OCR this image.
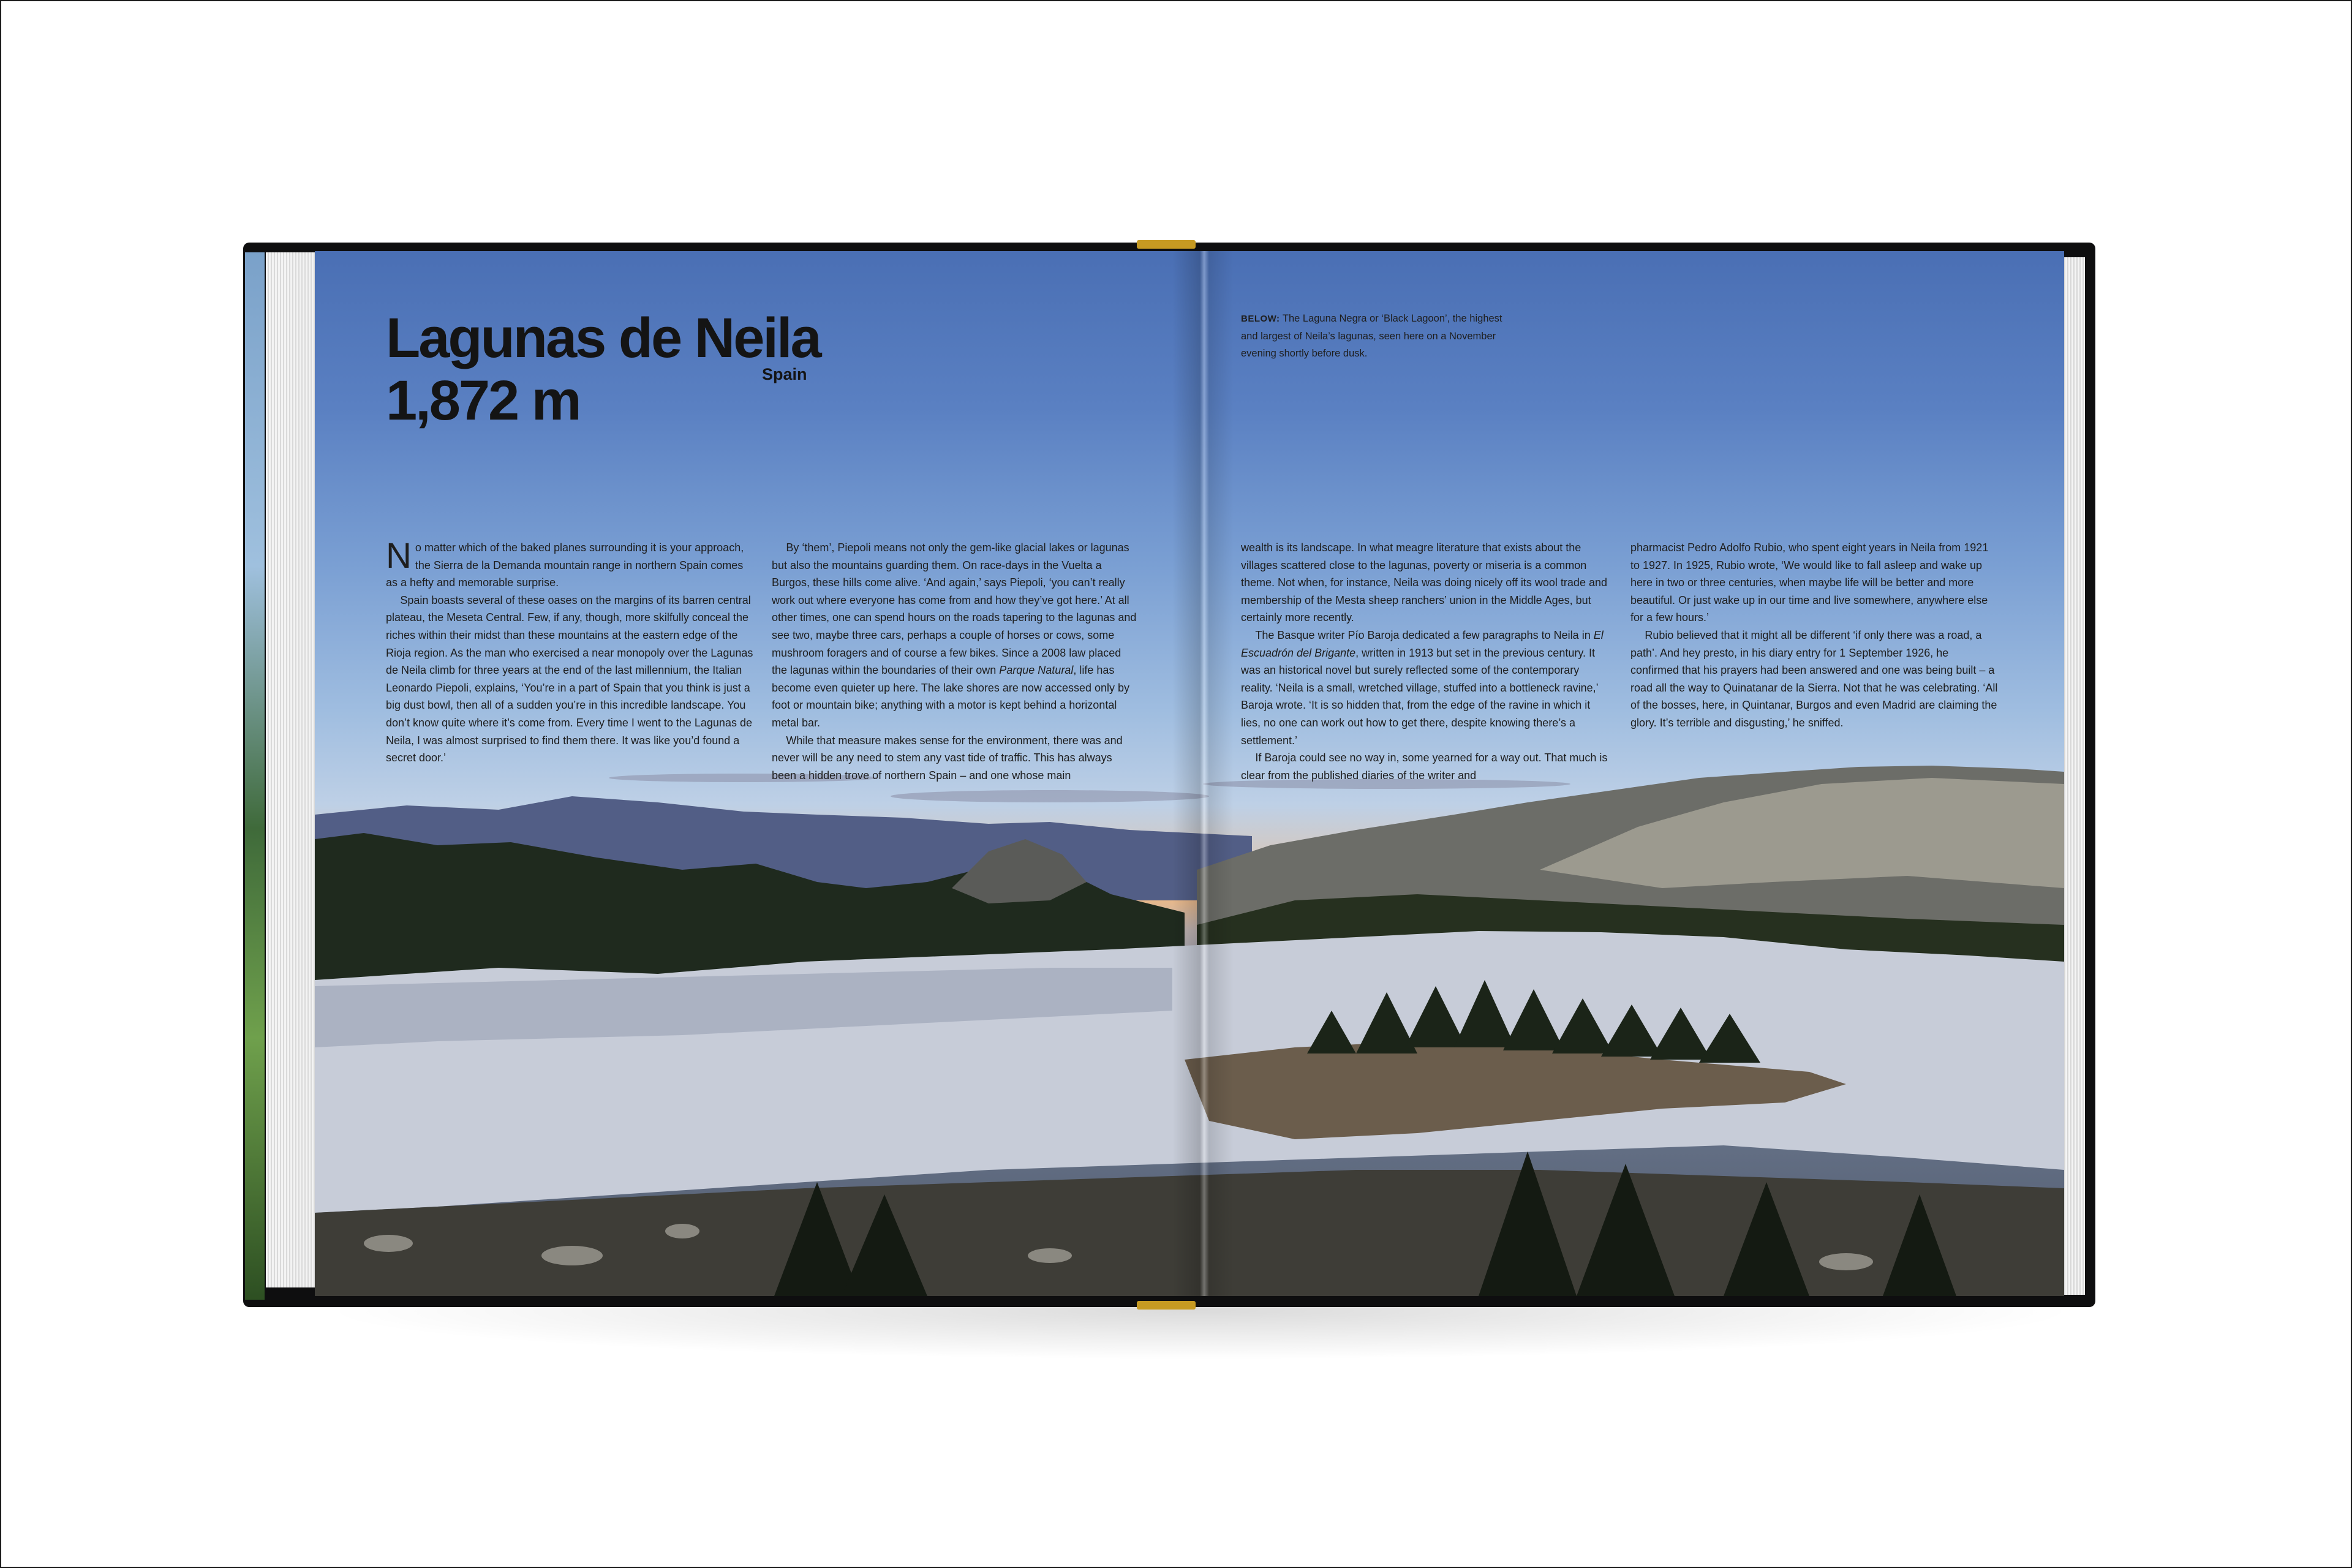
Lagunas de Neila
1,872 m	Spain
BELOW: The Laguna Negra or ‘Black Lagoon’, the highest and largest of Neila’s lagunas, seen here on a November evening shortly before dusk.

No matter which of the baked planes surrounding it is your approach, the Sierra de la Demanda mountain range in northern Spain comes as a hefty and memorable surprise.

Spain boasts several of these oases on the margins of its barren central plateau, the Meseta Central. Few, if any, though, more skilfully conceal the riches within their midst than these mountains at the eastern edge of the Rioja region. As the man who exercised a near monopoly over the Lagunas de Neila climb for three years at the end of the last millennium, the Italian Leonardo Piepoli, explains, ‘You’re in a part of Spain that you think is just a big dust bowl, then all of a sudden you’re in this incredible landscape. You don’t know quite where it’s come from. Every time I went to the Lagunas de Neila, I was almost surprised to find them there. It was like you’d found a secret door.’

By ‘them’, Piepoli means not only the gem-like glacial lakes or lagunas but also the mountains guarding them. On race-days in the Vuelta a Burgos, these hills come alive. ‘And again,’ says Piepoli, ‘you can’t really work out where everyone has come from and how they’ve got here.’ At all other times, one can spend hours on the roads tapering to the lagunas and see two, maybe three cars, perhaps a couple of horses or cows, some mushroom foragers and of course a few bikes. Since a 2008 law placed the lagunas within the boundaries of their own Parque Natural, life has become even quieter up here. The lake shores are now accessed only by foot or mountain bike; anything with a motor is kept behind a horizontal metal bar.

While that measure makes sense for the environment, there was and never will be any need to stem any vast tide of traffic. This has always been a hidden trove of northern Spain – and one whose main

wealth is its landscape. In what meagre literature that exists about the villages scattered close to the lagunas, poverty or miseria is a common theme. Not when, for instance, Neila was doing nicely off its wool trade and membership of the Mesta sheep ranchers’ union in the Middle Ages, but certainly more recently.

The Basque writer Pío Baroja dedicated a few paragraphs to Neila in El Escuadrón del Brigante, written in 1913 but set in the previous century. It was an historical novel but surely reflected some of the contemporary reality. ‘Neila is a small, wretched village, stuffed into a bottleneck ravine,’ Baroja wrote. ‘It is so hidden that, from the edge of the ravine in which it lies, no one can work out how to get there, despite knowing there’s a settlement.’

If Baroja could see no way in, some yearned for a way out. That much is clear from the published diaries of the writer and

pharmacist Pedro Adolfo Rubio, who spent eight years in Neila from 1921 to 1927. In 1925, Rubio wrote, ‘We would like to fall asleep and wake up here in two or three centuries, when maybe life will be better and more beautiful. Or just wake up in our time and live somewhere, anywhere else for a few hours.’

Rubio believed that it might all be different ‘if only there was a road, a path’. And hey presto, in his diary entry for 1 September 1926, he confirmed that his prayers had been answered and one was being built – a road all the way to Quinatanar de la Sierra. Not that he was celebrating. ‘All of the bosses, here, in Quintanar, Burgos and even Madrid are claiming the glory. It’s terrible and disgusting,’ he sniffed.
